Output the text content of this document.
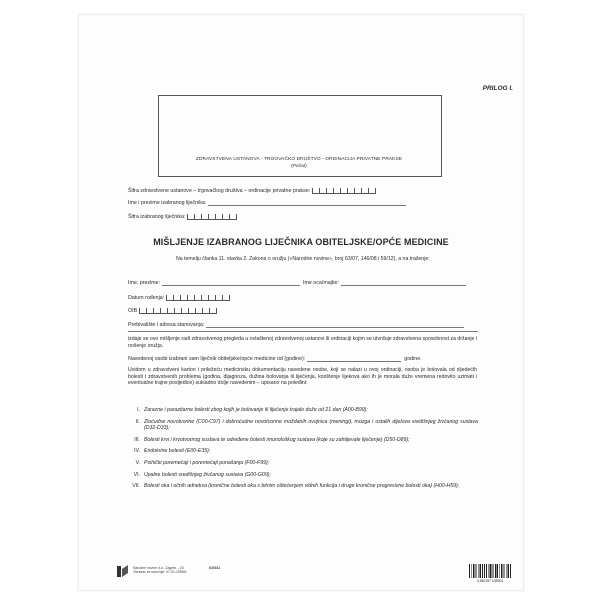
PRILOG I.
ZDRAVSTVENA USTANOVA - TRGOVAČKO DRUŠTVO - ORDINACIJA PRIVATNE PRAKSE
(Pečat)
Šifra zdravstvene ustanove – trgovačkog društva – ordinacije privatne prakse:
Ime i prezime izabranog liječnika:
Šifra izabranog liječnika:
MIŠLJENJE IZABRANOG LIJEČNIKA OBITELJSKE/OPĆE MEDICINE
Na temelju članka 11. stavka 2. Zakona o oružju («Narodne novine», broj 63/07, 146/08 i 59/12), a na traženje:
Ime, prezime:	Ime oca/majke:
Datum rođenja:
OIB
Prebivalište i adresa stanovanja:
izdaje se ovo mišljenje radi zdravstvenog pregleda u ovlaštenoj zdravstvenoj ustanovi ili ordinaciji kojim se utvrđuje zdravstvena sposobnost za držanje i nošenje oružja.
Navedenoj osobi izabrani sam liječnik obiteljske/opće medicine od (godine):	godine.
Uvidom u zdravstveni karton i priležeću medicinsku dokumentaciju navedene osobe, koji se nalazi u ovoj ordinaciji, osoba je bolovala od sljedećih bolesti i zdravstvenih problema (godina, dijagnoza, dužina bolovanja ili liječenja, korištenje lijekova ako ih je morala duže vremena redovito uzimati i eventualne trajne posljedice) sukladno dolje navedenim – upisano na poleđini:
I. Zarazne i parazitarne bolesti zbog kojih je bolovanje ili liječenje trajalo duže od 21 dan (A00-B99);
II. Zloćudne novotvorine (C00-C97) i dobroćudne novotvorine moždanih ovojnica (meningi), mozga i ostalih dijelova središnjeg živčanog sustava (D32-D33);
III. Bolesti krvi i krvotvornog sustava te određene bolesti imunološkog sustava (koje su zahtijevale liječenje) (D50-D89);
IV. Endokrine bolesti (E00-E35);
V. Psihički poremećaji i poremećaji ponašanja (F00-F99);
VI. Upalne bolesti središnjeg živčanog sustava (G00-G09);
VII. Bolesti oka i očnih adneksa (kronične bolesti oka s bitnim oštećenjem vidnih funkcija i druge kronične progresivne bolesti oka) (H00-H59);
Narodne novine d.d., Zagreb – 20
Obrazac se naručuje: 07-01-1999/6
640341
3 850197 108304
